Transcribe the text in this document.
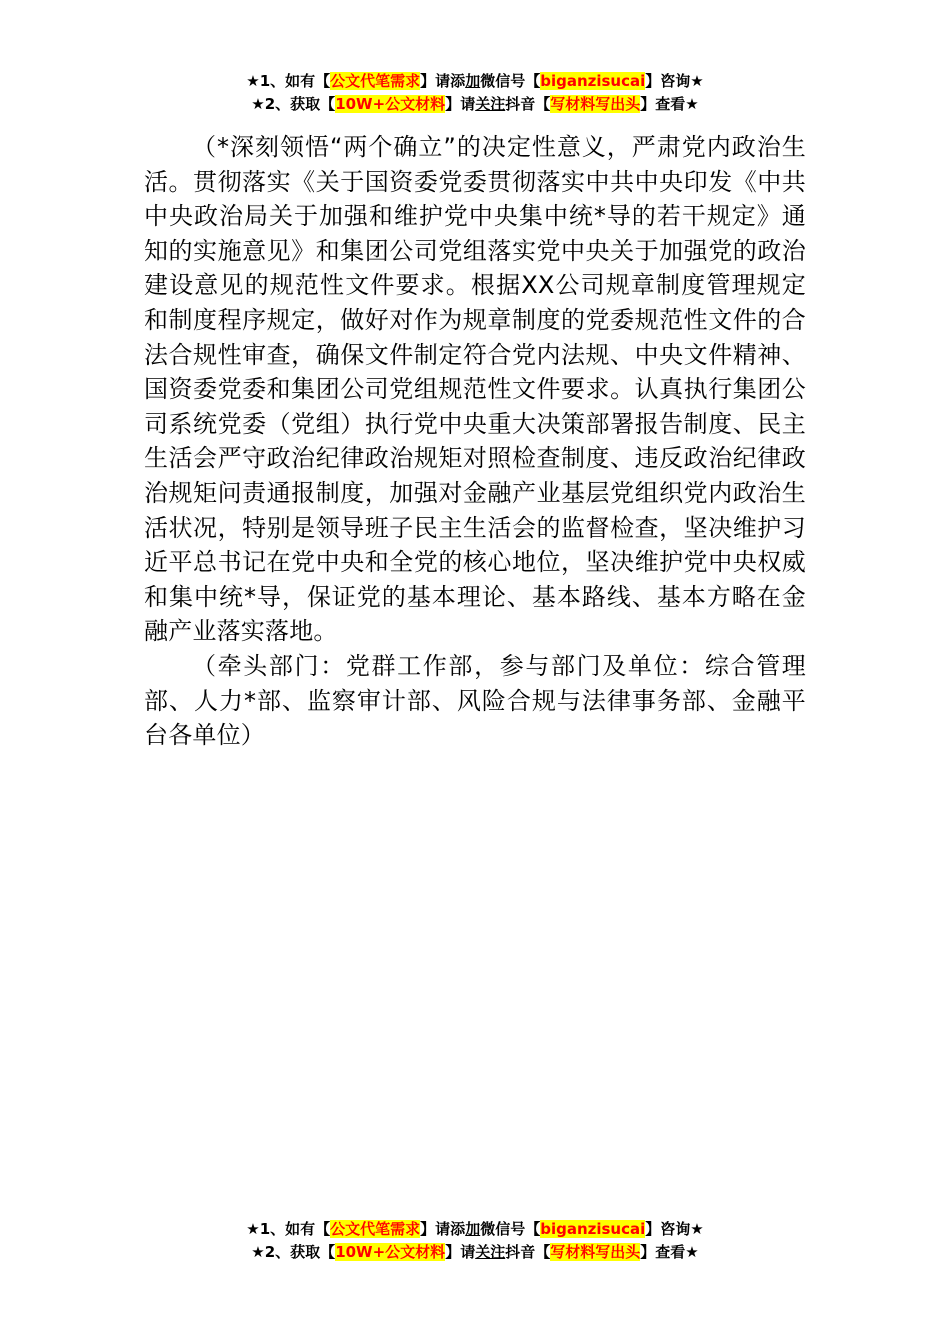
★1、如有【公文代笔需求】请添加微信号【biganzisucai】咨询★
★2、获取【10W+公文材料】请关注抖音【写材料写出头】查看★

（*深刻领悟“两个确立”的决定性意义，严肃党内政治生活。贯彻落实《关于国资委党委贯彻落实中共中央印发《中共中央政治局关于加强和维护党中央集中统*导的若干规定》通知的实施意见》和集团公司党组落实党中央关于加强党的政治建设意见的规范性文件要求。根据XX公司规章制度管理规定和制度程序规定，做好对作为规章制度的党委规范性文件的合法合规性审查，确保文件制定符合党内法规、中央文件精神、国资委党委和集团公司党组规范性文件要求。认真执行集团公司系统党委（党组）执行党中央重大决策部署报告制度、民主生活会严守政治纪律政治规矩对照检查制度、违反政治纪律政治规矩问责通报制度，加强对金融产业基层党组织党内政治生活状况，特别是领导班子民主生活会的监督检查，坚决维护习近平总书记在党中央和全党的核心地位，坚决维护党中央权威和集中统*导，保证党的基本理论、基本路线、基本方略在金融产业落实落地。

（牵头部门：党群工作部，参与部门及单位：综合管理部、人力*部、监察审计部、风险合规与法律事务部、金融平台各单位）

★1、如有【公文代笔需求】请添加微信号【biganzisucai】咨询★
★2、获取【10W+公文材料】请关注抖音【写材料写出头】查看★
